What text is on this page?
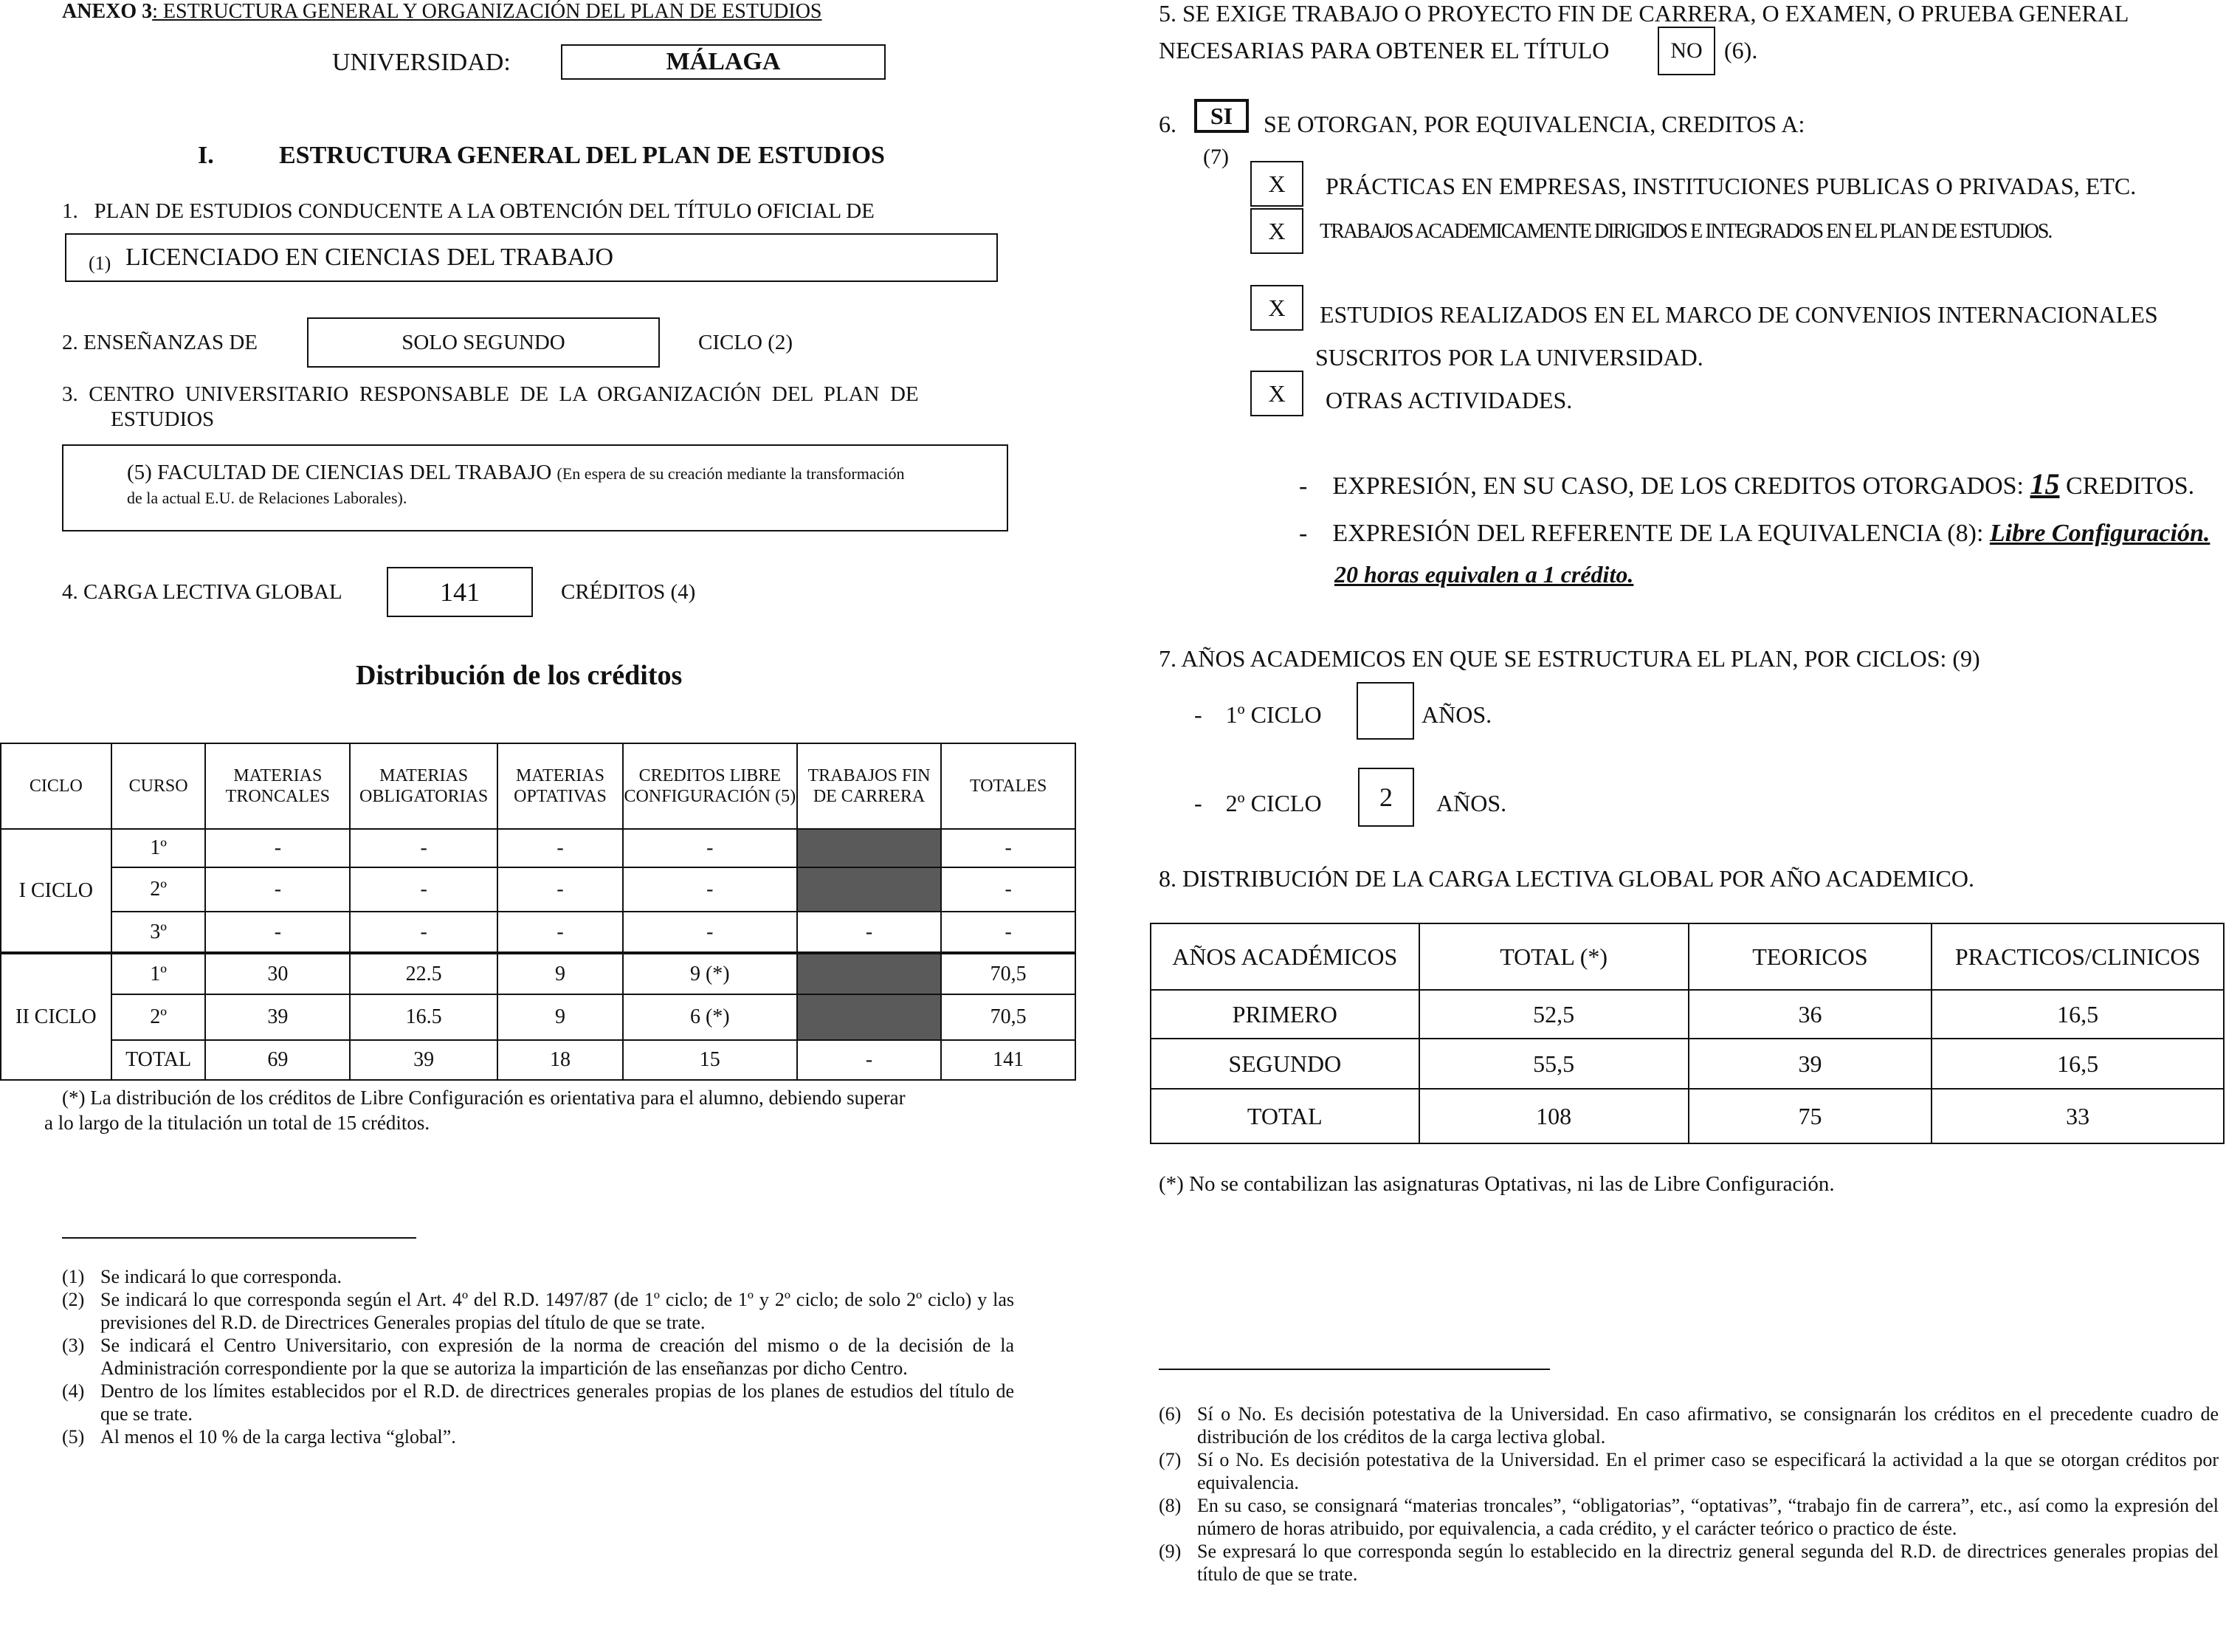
ANEXO 3: ESTRUCTURA GENERAL Y ORGANIZACIÓN DEL PLAN DE ESTUDIOS
UNIVERSIDAD:	MÁLAGA
I.	ESTRUCTURA GENERAL DEL PLAN DE ESTUDIOS
1.   PLAN DE ESTUDIOS CONDUCENTE A LA OBTENCIÓN DEL TÍTULO OFICIAL DE
(1) LICENCIADO EN CIENCIAS DEL TRABAJO
2. ENSEÑANZAS DE	SOLO SEGUNDO	CICLO (2)
3.  CENTRO  UNIVERSITARIO  RESPONSABLE  DE  LA  ORGANIZACIÓN  DEL  PLAN  DE
ESTUDIOS
(5) FACULTAD DE CIENCIAS DEL TRABAJO (En espera de su creación mediante la transformación
de la actual E.U. de Relaciones Laborales).
4. CARGA LECTIVA GLOBAL	141	CRÉDITOS (4)
Distribución de los créditos
CICLO	CURSO	MATERIAS TRONCALES	MATERIAS OBLIGATORIAS	MATERIAS OPTATIVAS	CREDITOS LIBRE CONFIGURACIÓN (5)	TRABAJOS FIN DE CARRERA	TOTALES
I CICLO	1º	-	-	-	-		-
	2º	-	-	-	-		-
	3º	-	-	-	-	-	-
II CICLO	1º	30	22.5	9	9 (*)		70,5
	2º	39	16.5	9	6 (*)		70,5
	TOTAL	69	39	18	15	-	141
(*) La distribución de los créditos de Libre Configuración es orientativa para el alumno, debiendo superar
a lo largo de la titulación un total de 15 créditos.
(1) Se indicará lo que corresponda.
(2) Se indicará lo que corresponda según el Art. 4º del R.D. 1497/87 (de 1º ciclo; de 1º y 2º ciclo; de solo 2º ciclo) y las previsiones del R.D. de Directrices Generales propias del título de que se trate.
(3) Se indicará el Centro Universitario, con expresión de la norma de creación del mismo o de la decisión de la Administración correspondiente por la que se autoriza la impartición de las enseñanzas por dicho Centro.
(4) Dentro de los límites establecidos por el R.D. de directrices generales propias de los planes de estudios del título de que se trate.
(5) Al menos el 10 % de la carga lectiva “global”.
5. SE EXIGE TRABAJO O PROYECTO FIN DE CARRERA, O EXAMEN, O PRUEBA GENERAL
NECESARIAS PARA OBTENER EL TÍTULO	NO (6).
6. SI SE OTORGAN, POR EQUIVALENCIA, CREDITOS A:
(7)
X PRÁCTICAS EN EMPRESAS, INSTITUCIONES PUBLICAS O PRIVADAS, ETC.
X TRABAJOS ACADEMICAMENTE DIRIGIDOS E INTEGRADOS EN EL PLAN DE ESTUDIOS.
X ESTUDIOS REALIZADOS EN EL MARCO DE CONVENIOS INTERNACIONALES
SUSCRITOS POR LA UNIVERSIDAD.
X OTRAS ACTIVIDADES.
-    EXPRESIÓN, EN SU CASO, DE LOS CREDITOS OTORGADOS: 15 CREDITOS.
-    EXPRESIÓN DEL REFERENTE DE LA EQUIVALENCIA (8): Libre Configuración.
20 horas equivalen a 1 crédito.
7. AÑOS ACADEMICOS EN QUE SE ESTRUCTURA EL PLAN, POR CICLOS: (9)
-    1º CICLO	AÑOS.
-    2º CICLO 2 AÑOS.
8. DISTRIBUCIÓN DE LA CARGA LECTIVA GLOBAL POR AÑO ACADEMICO.
AÑOS ACADÉMICOS	TOTAL (*)	TEORICOS	PRACTICOS/CLINICOS
PRIMERO	52,5	36	16,5
SEGUNDO	55,5	39	16,5
TOTAL	108	75	33
(*) No se contabilizan las asignaturas Optativas, ni las de Libre Configuración.
(6) Sí o No. Es decisión potestativa de la Universidad. En caso afirmativo, se consignarán los créditos en el precedente cuadro de distribución de los créditos de la carga lectiva global.
(7) Sí o No. Es decisión potestativa de la Universidad. En el primer caso se especificará la actividad a la que se otorgan créditos por equivalencia.
(8) En su caso, se consignará “materias troncales”, “obligatorias”, “optativas”, “trabajo fin de carrera”, etc., así como la expresión del número de horas atribuido, por equivalencia, a cada crédito, y el carácter teórico o practico de éste.
(9) Se expresará lo que corresponda según lo establecido en la directriz general segunda del R.D. de directrices generales propias del título de que se trate.
